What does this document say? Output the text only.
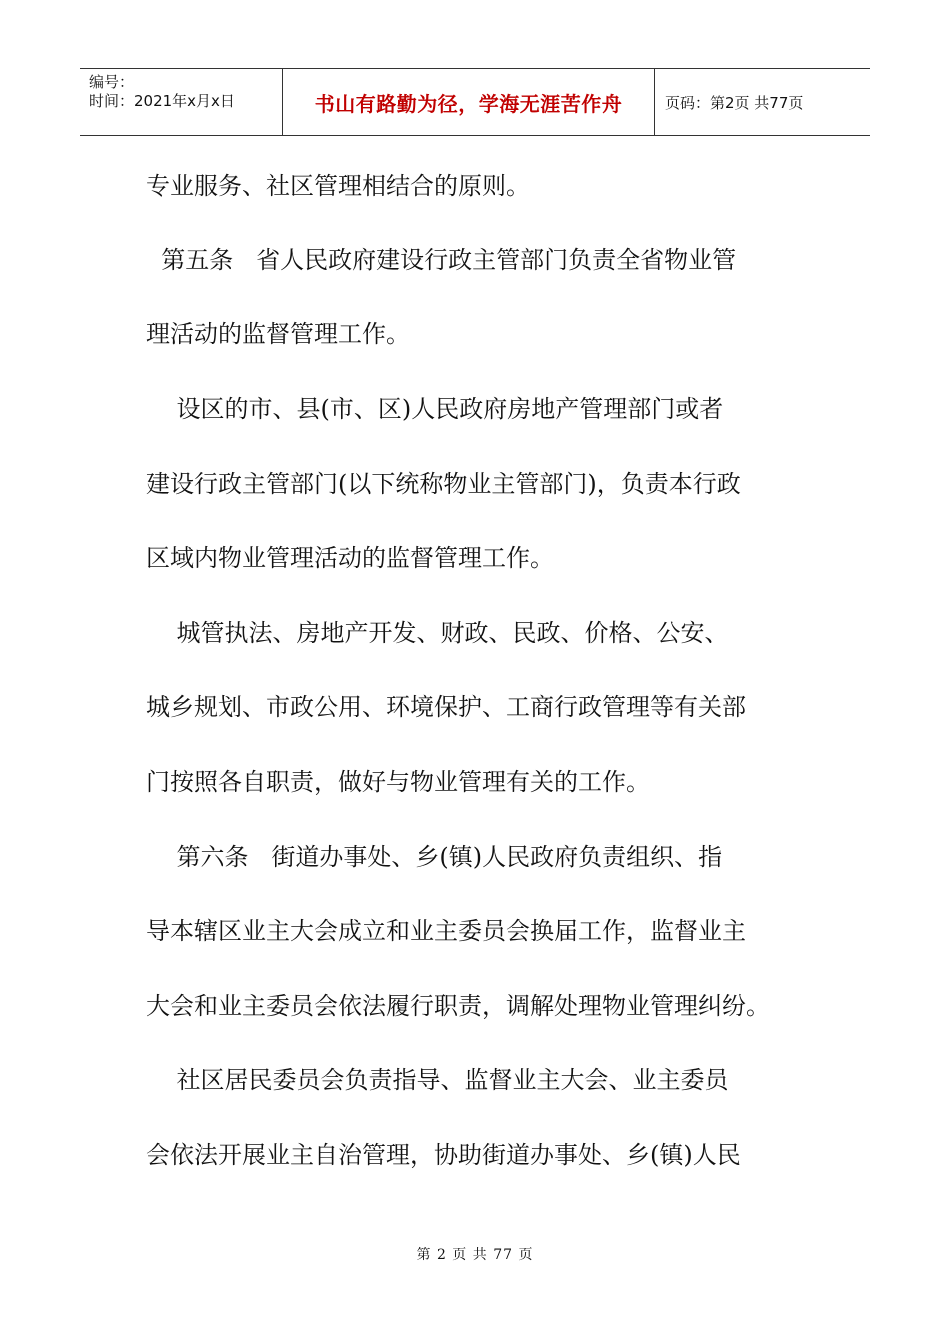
编号：
时间：2021年x月x日	书山有路勤为径，学海无涯苦作舟	页码：第2页 共77页
专业服务、社区管理相结合的原则。
第五条   省人民政府建设行政主管部门负责全省物业管
理活动的监督管理工作。
设区的市、县(市、区)人民政府房地产管理部门或者
建设行政主管部门(以下统称物业主管部门)，负责本行政
区域内物业管理活动的监督管理工作。
城管执法、房地产开发、财政、民政、价格、公安、
城乡规划、市政公用、环境保护、工商行政管理等有关部
门按照各自职责，做好与物业管理有关的工作。
第六条   街道办事处、乡(镇)人民政府负责组织、指
导本辖区业主大会成立和业主委员会换届工作，监督业主
大会和业主委员会依法履行职责，调解处理物业管理纠纷。
社区居民委员会负责指导、监督业主大会、业主委员
会依法开展业主自治管理，协助街道办事处、乡(镇)人民
第 2 页 共 77 页
